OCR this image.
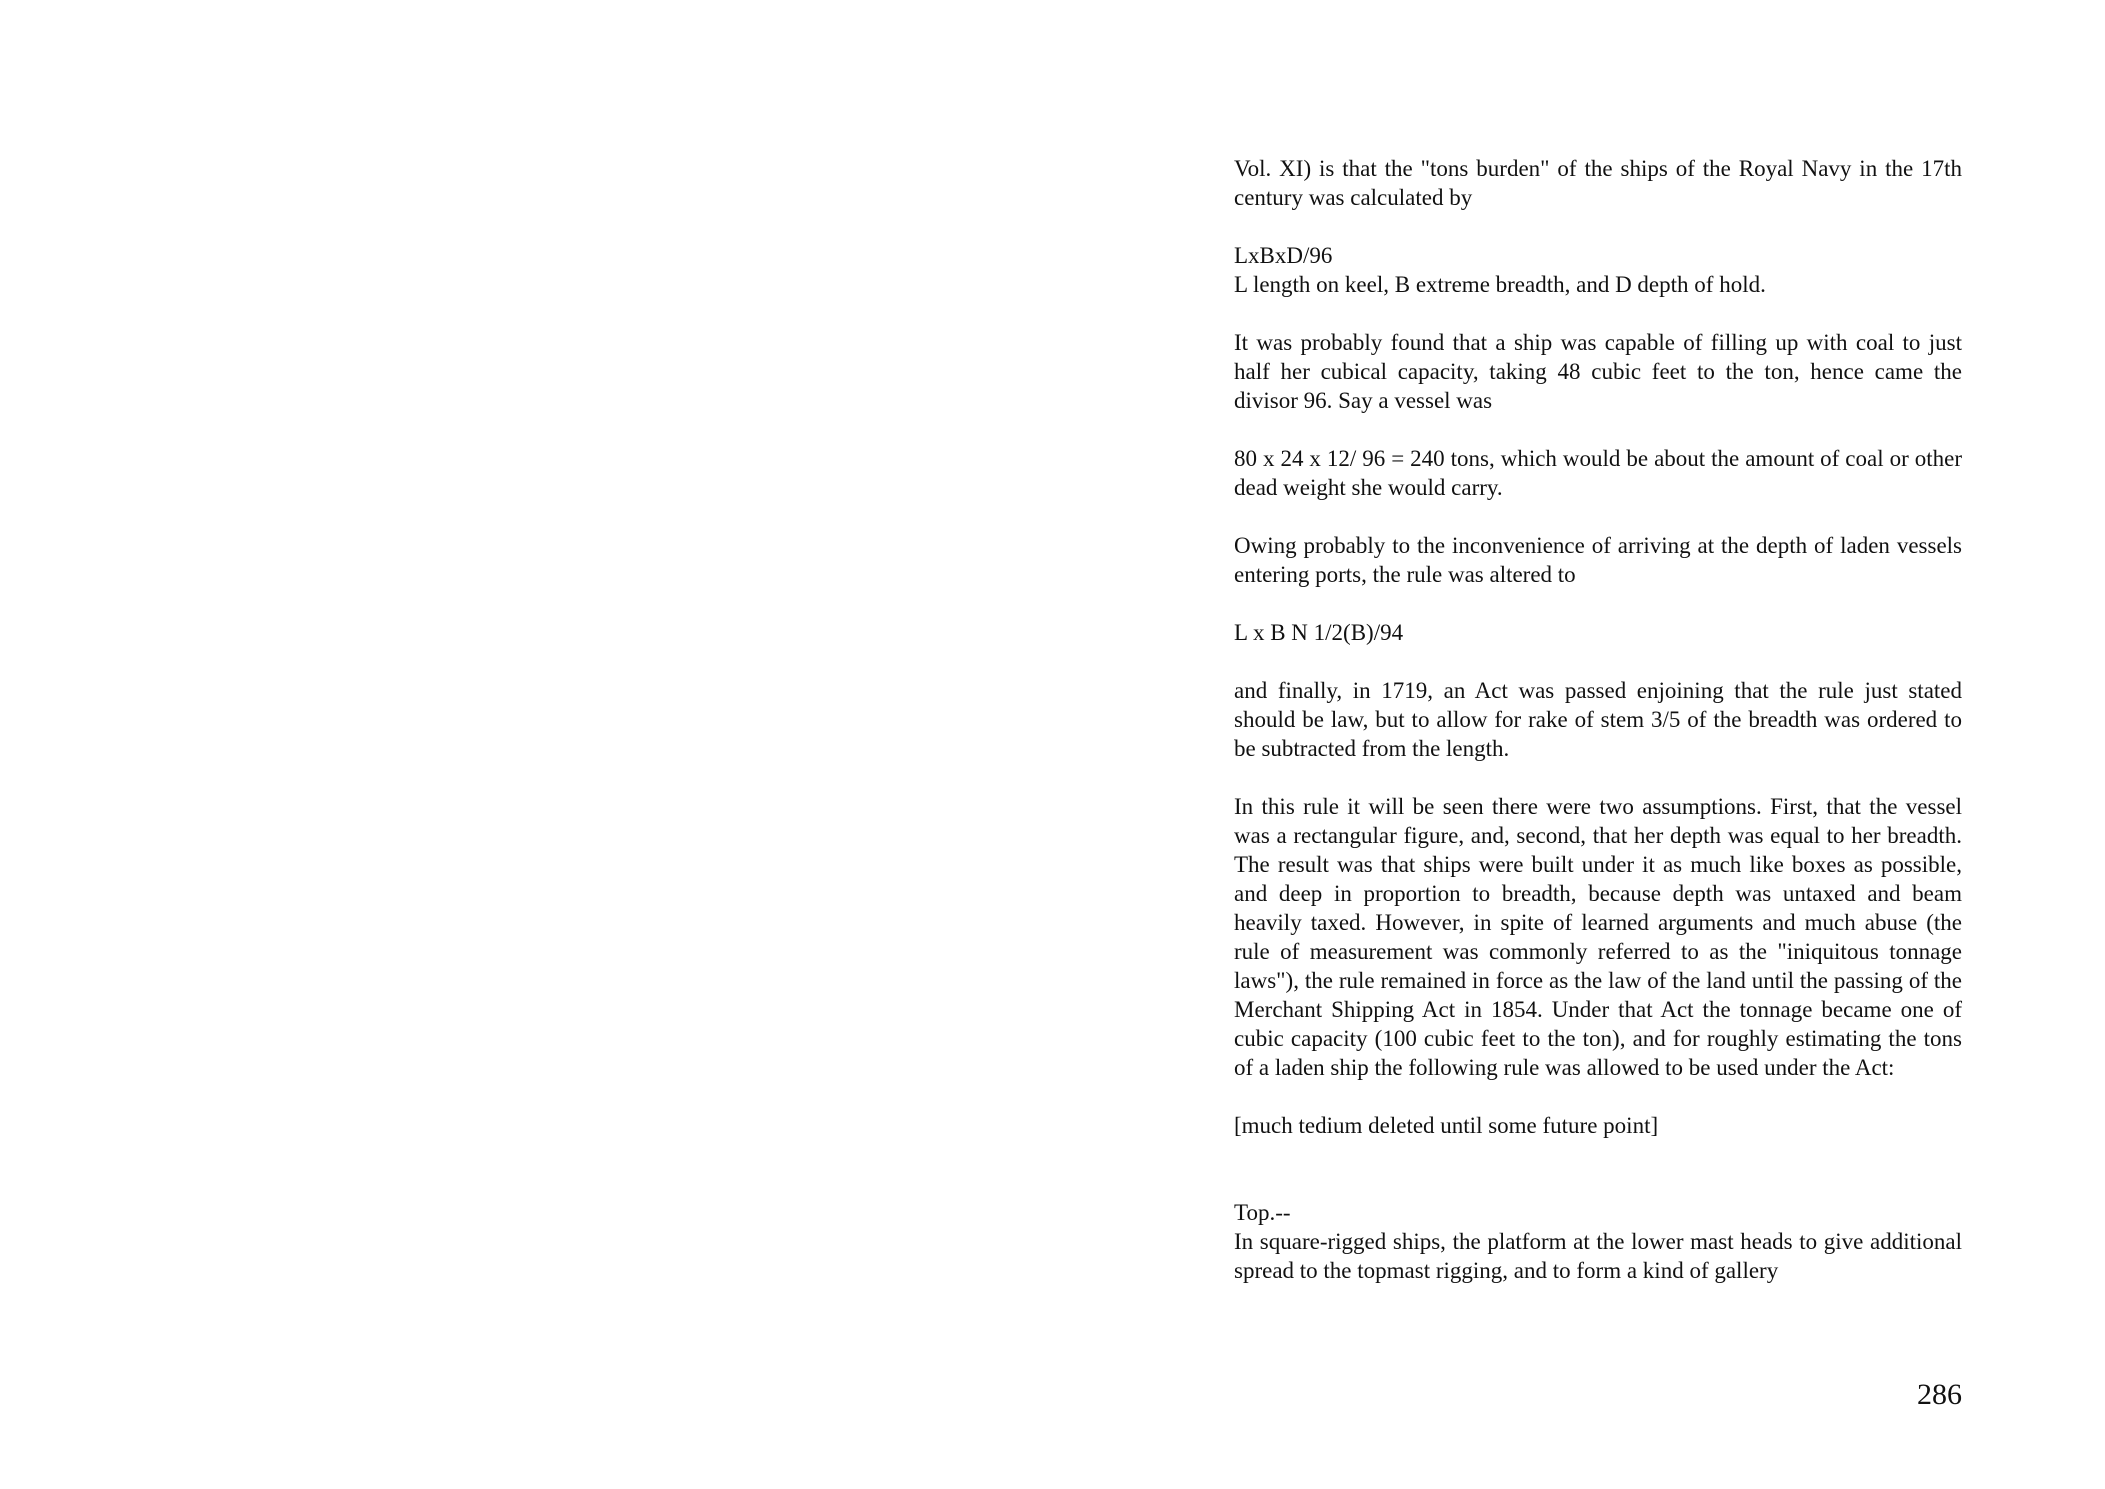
Vol. XI) is that the "tons burden" of the ships of the Royal Navy in the 17th century was calculated by

LxBxD/96
L length on keel, B extreme breadth, and D depth of hold.

It was probably found that a ship was capable of filling up with coal to just half her cubical capacity, taking 48 cubic feet to the ton, hence came the divisor 96. Say a vessel was

80 x 24 x 12/ 96 = 240 tons, which would be about the amount of coal or other dead weight she would carry.

Owing probably to the inconvenience of arriving at the depth of laden vessels entering ports, the rule was altered to

L x B N 1/2(B)/94

and finally, in 1719, an Act was passed enjoining that the rule just stated should be law, but to allow for rake of stem 3/5 of the breadth was ordered to be subtracted from the length.

In this rule it will be seen there were two assumptions. First, that the vessel was a rectangular figure, and, second, that her depth was equal to her breadth. The result was that ships were built under it as much like boxes as possible, and deep in proportion to breadth, because depth was untaxed and beam heavily taxed. However, in spite of learned arguments and much abuse (the rule of measurement was commonly referred to as the "iniquitous tonnage laws"), the rule remained in force as the law of the land until the passing of the Merchant Shipping Act in 1854. Under that Act the tonnage became one of cubic capacity (100 cubic feet to the ton), and for roughly estimating the tons of a laden ship the following rule was allowed to be used under the Act:

[much tedium deleted until some future point]
Top.--

In square-rigged ships, the platform at the lower mast heads to give additional spread to the topmast rigging, and to form a kind of gallery

286
